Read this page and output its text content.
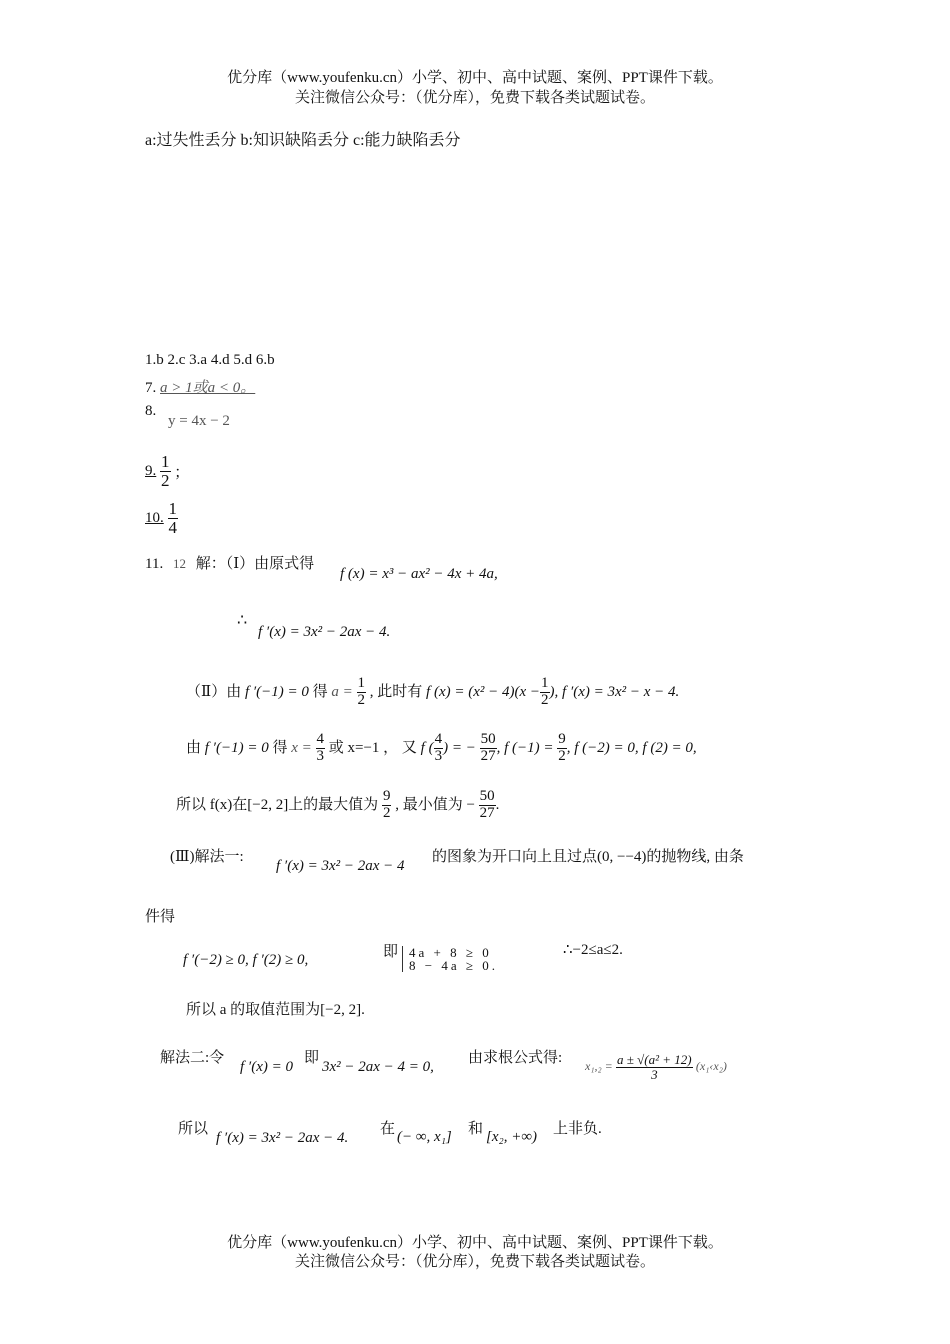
优分库（www.youfenku.cn）小学、初中、高中试题、案例、PPT课件下载。
关注微信公众号：（优分库），免费下载各类试题试卷。
a:过失性丢分 b:知识缺陷丢分 c:能力缺陷丢分
1.b 2.c 3.a 4.d 5.d 6.b
7. a > 1或a < 0。
8. y = 4x − 2
9. $\frac{1}{2}$ ；
10. $\frac{1}{4}$
11. 12 解：（Ⅰ）由原式得
f (x) = x³ − ax² − 4x + 4a,
∴
f ′(x) = 3x² − 2ax − 4.
（Ⅱ）由 f ′(−1) = 0 得 $a = \frac{1}{2}$ , 此时有 f $(x) = (x^2 - 4)(x - \frac{1}{2}$ ), f ′(x) = 3x² − x − 4.
由 f ′(−1) = 0 得 $x = \frac{4}{3}$ 或 x=−1 ， 又 f ( $\frac{4}{3}$ ) = − $\frac{50}{27}$ , f $(-1) = \frac{9}{2}$ , f (−2) = 0, f (2) = 0,
所以 f(x)在[−2, 2]上的最大值为 $\frac{9}{2}$ , 最小值为 − $\frac{50}{27}$ .
(Ⅲ)解法一:
f ′(x) = 3x² − 2ax − 4
的图象为开口向上且过点(0, −−4)的抛物线, 由条
件得
f ′(−2) ≥ 0, f ′(2) ≥ 0,	即 4a + 8 ≥ 0
8 − 4a ≥ 0.
∴−2≤a≤2.
所以 a 的取值范围为[−2, 2].
解法二:令
f ′(x) = 0
即
3x² − 2ax − 4 = 0,
由求根公式得: $x_1,_2 = \frac{\text{a ± √(a² + 12)}}{3}$ (x₁‹x₂)
所以
f ′(x) = 3x² − 2ax − 4.
在 (− ∞, x₁] 和 [x₂, +∞) 上非负.
优分库（www.youfenku.cn）小学、初中、高中试题、案例、PPT课件下载。
关注微信公众号：（优分库），免费下载各类试题试卷。
